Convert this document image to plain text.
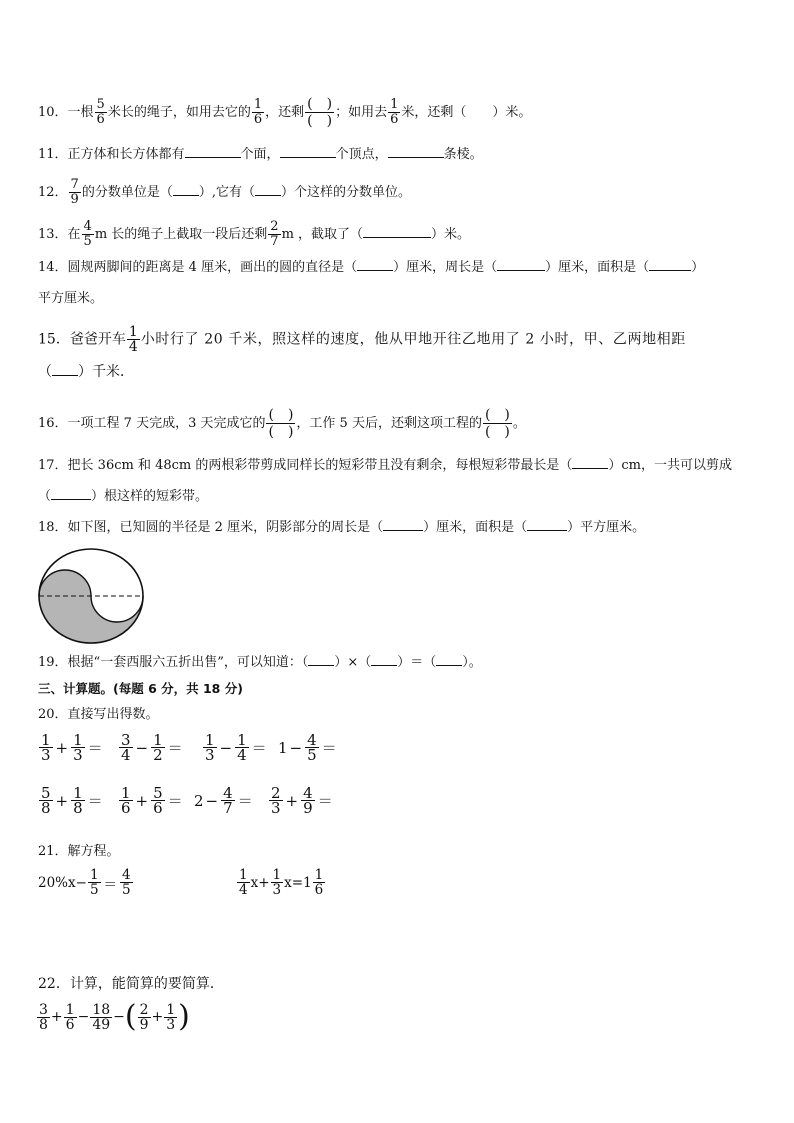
10．一根 $\frac{5}{6}$ 米长的绳子，如用去它的 $\frac{1}{6}$ ，还剩 $\frac{( )}{( )}$ ；如用去 $\frac{1}{6}$ 米，还剩（　　）米。
11．正方体和长方体都有	个面，	个顶点，	条棱。
12． $\frac{7}{9}$ 的分数单位是（ ）,它有（ ）个这样的分数单位。
13．在 $\frac{4}{5}$ m 长的绳子上截取一段后还剩 $\frac{2}{7}$ m ，截取了（	）米。
14．圆规两脚间的距离是 4 厘米，画出的圆的直径是（	）厘米，周长是（	）厘米，面积是（	）
平方厘米。
15．爸爸开车 $\frac{1}{4}$ 小时行了 20 千米，照这样的速度，他从甲地开往乙地用了 2 小时，甲、乙两地相距
（ ）千米．
16．一项工程 7 天完成，3 天完成它的 $\frac{( )}{( )}$ ，工作 5 天后，还剩这项工程的 $\frac{( )}{( )}$ 。
17．把长 36cm 和 48cm 的两根彩带剪成同样长的短彩带且没有剩余，每根短彩带最长是（	）cm，一共可以剪成
（	）根这样的短彩带。
18．如下图，已知圆的半径是 2 厘米，阴影部分的周长是（	）厘米，面积是（	）平方厘米。
19．根据“一套西服六五折出售”，可以知道：（ ）×（ ）＝（ ）。
三、计算题。(每题 6 分，共 18 分)
20．直接写出得数。
$\frac{1}{3} + \frac{1}{3} = \frac{3}{4} - \frac{1}{2} = \frac{1}{3} - \frac{1}{4} = 1 - \frac{4}{5}$ ＝
$\frac{5}{8} + \frac{1}{8} = \frac{1}{6} + \frac{5}{6} = 2 - \frac{4}{7} = \frac{2}{3} + \frac{4}{9}$ ＝
21．解方程。
$20\%x- \frac{1}{5} = \frac{4}{5}$	$\frac{1}{4} x+ \frac{1}{3} x= 1 \frac{1}{6}$
22．计算，能简算的要简算．
$\frac{3}{8} + \frac{1}{6} - \frac{18}{49}$ − ( $\frac{2}{9} + \frac{1}{3}$ )
